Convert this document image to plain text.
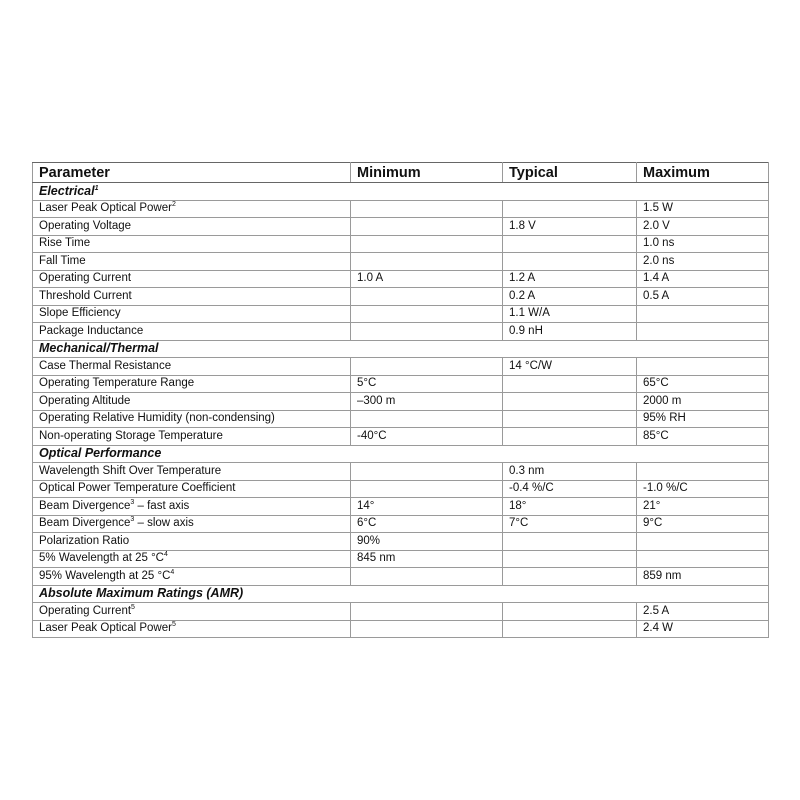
Parameter	Minimum	Typical	Maximum
Electrical$^1$		
Laser Peak Optical Power$^2$			1.5 W
Operating Voltage		1.8 V	2.0 V
Rise Time			1.0 ns
Fall Time			2.0 ns
Operating Current	1.0 A	1.2 A	1.4 A
Threshold Current		0.2 A	0.5 A
Slope Efficiency		1.1 W/A	
Package Inductance		0.9 nH	
Mechanical/Thermal			
Case Thermal Resistance		14 °C/W	
Operating Temperature Range	5°C		65°C
Operating Altitude	–300 m		2000 m
Operating Relative Humidity (non-condensing)			95% RH
Non-operating Storage Temperature	-40°C		85°C
Optical Performance			
Wavelength Shift Over Temperature		0.3 nm	
Optical Power Temperature Coefficient		-0.4 %/C	-1.0 %/C
Beam Divergence$^3$ – fast axis	14°	18°	21°
Beam Divergence$^3$ – slow axis	6°C	7°C	9°C
Polarization Ratio	90%		
5% Wavelength at 25 $^\circ C^4$	845 nm		
95% Wavelength at 25 $^\circ C^4$			859 nm
Absolute Maximum Ratings (AMR)			
Operating Current$^5$			2.5 A
Laser Peak Optical Power$^5$			2.4 W
